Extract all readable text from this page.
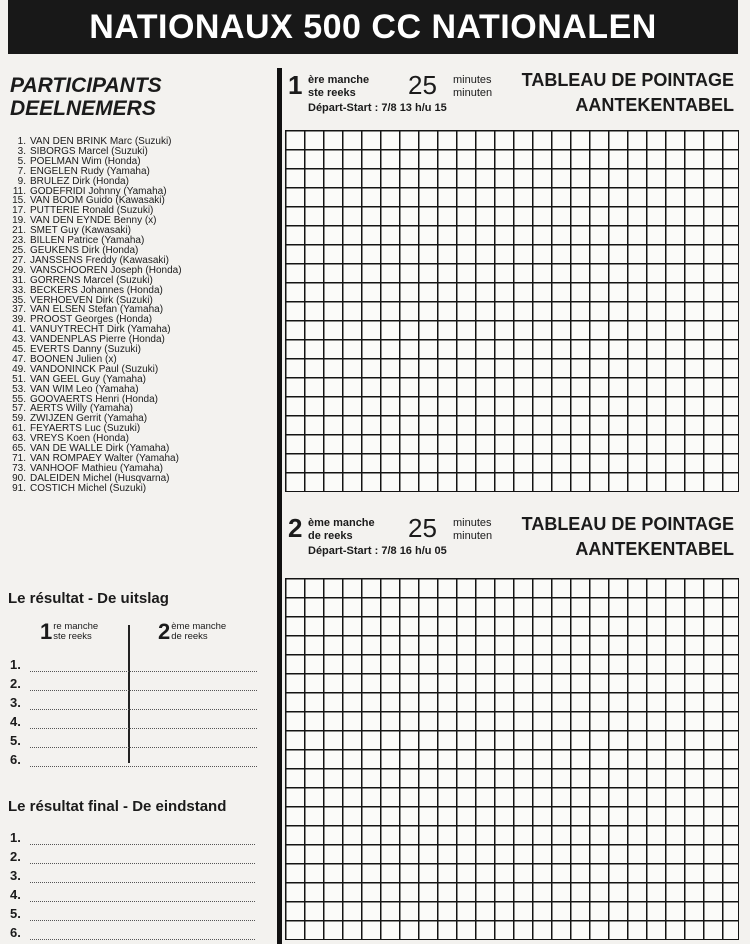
NATIONAUX 500 CC NATIONALEN
PARTICIPANTS
DEELNEMERS
1. VAN DEN BRINK Marc (Suzuki)
3. SIBORGS Marcel (Suzuki)
5. POELMAN Wim (Honda)
7. ENGELEN Rudy (Yamaha)
9. BRULEZ Dirk (Honda)
11. GODEFRIDI Johnny (Yamaha)
15. VAN BOOM Guido (Kawasaki)
17. PUTTERIE Ronald (Suzuki)
19. VAN DEN EYNDE Benny (x)
21. SMET Guy (Kawasaki)
23. BILLEN Patrice (Yamaha)
25. GEUKENS Dirk (Honda)
27. JANSSENS Freddy (Kawasaki)
29. VANSCHOOREN Joseph (Honda)
31. GORRENS Marcel (Suzuki)
33. BECKERS Johannes (Honda)
35. VERHOEVEN Dirk (Suzuki)
37. VAN ELSEN Stefan (Yamaha)
39. PROOST Georges (Honda)
41. VANUYTRECHT Dirk (Yamaha)
43. VANDENPLAS Pierre (Honda)
45. EVERTS Danny (Suzuki)
47. BOONEN Julien (x)
49. VANDONINCK Paul (Suzuki)
51. VAN GEEL Guy (Yamaha)
53. VAN WIM Leo (Yamaha)
55. GOOVAERTS Henri (Honda)
57. AERTS Willy (Yamaha)
59. ZWIJZEN Gerrit (Yamaha)
61. FEYAERTS Luc (Suzuki)
63. VREYS Koen (Honda)
65. VAN DE WALLE Dirk (Yamaha)
71. VAN ROMPAEY Walter (Yamaha)
73. VANHOOF Mathieu (Yamaha)
90. DALEIDEN Michel (Husqvarna)
91. COSTICH Michel (Suzuki)
Le résultat - De uitslag
1 re manche
ste reeks	2 ème manche
de reeks
1.
2.
3.
4.
5.
6.
Le résultat final - De eindstand
1.
2.
3.
4.
5.
6.
1 ère manche
ste reeks	25 minutes
minuten
Départ-Start : 7/8 13 h/u 15
TABLEAU DE POINTAGE
AANTEKENTABEL
2 ème manche
de reeks	25 minutes
minuten
Départ-Start : 7/8 16 h/u 05
TABLEAU DE POINTAGE
AANTEKENTABEL
